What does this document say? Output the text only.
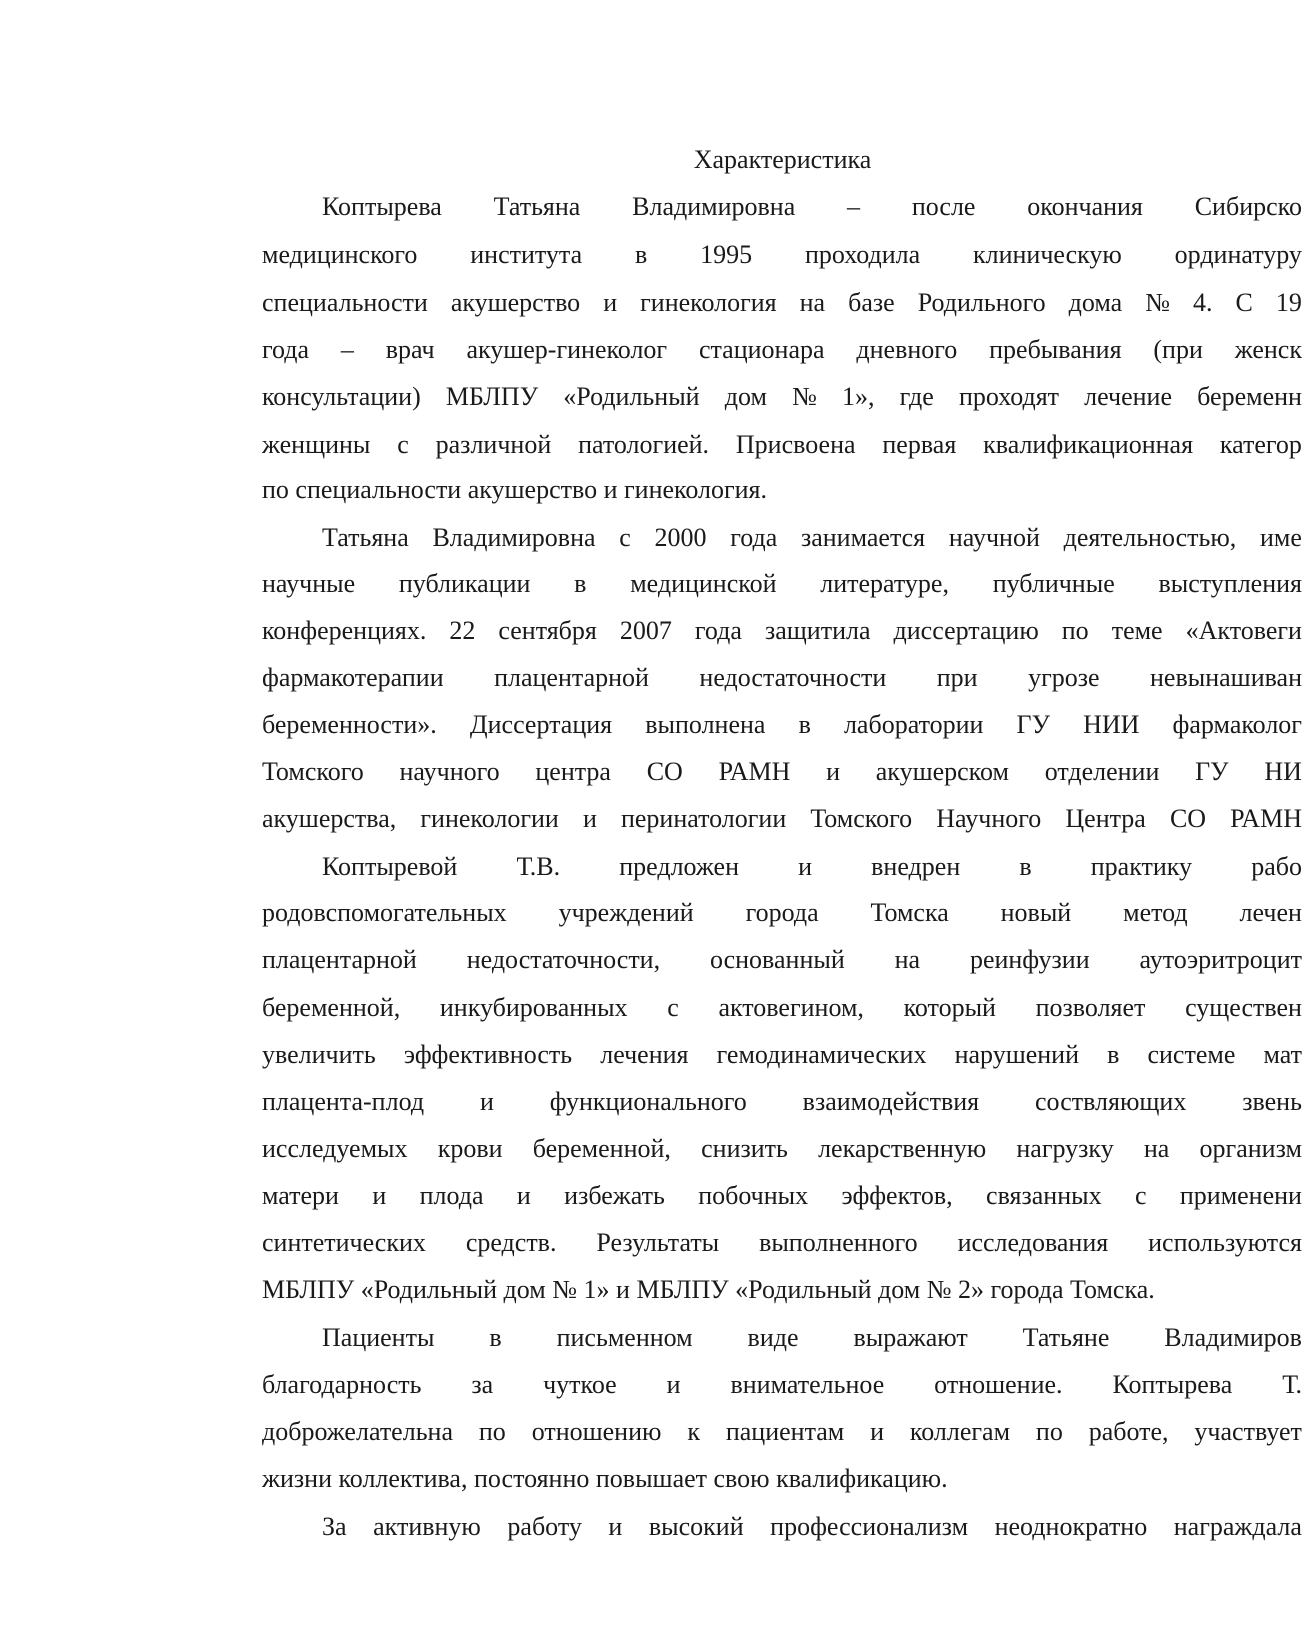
Характеристика
Коптырева Татьяна Владимировна – после окончания Сибирско
медицинского института в 1995 проходила клиническую ординатуру
специальности акушерство и гинекология на базе Родильного дома № 4. С 19
года – врач акушер-гинеколог стационара дневного пребывания (при женск
консультации) МБЛПУ «Родильный дом № 1», где проходят лечение беременн
женщины с различной патологией. Присвоена первая квалификационная категор
по специальности акушерство и гинекология.
Татьяна Владимировна с 2000 года занимается научной деятельностью, име
научные публикации в медицинской литературе, публичные выступления
конференциях. 22 сентября 2007 года защитила диссертацию по теме «Актовеги
фармакотерапии плацентарной недостаточности при угрозе невынашиван
беременности». Диссертация выполнена в лаборатории ГУ НИИ фармаколог
Томского научного центра СО РАМН и акушерском отделении ГУ НИ
акушерства, гинекологии и перинатологии Томского Научного Центра СО РАМН
Коптыревой Т.В. предложен и внедрен в практику рабо
родовспомогательных учреждений города Томска новый метод лечен
плацентарной недостаточности, основанный на реинфузии аутоэритроцит
беременной, инкубированных с актовегином, который позволяет существен
увеличить эффективность лечения гемодинамических нарушений в системе мат
плацента-плод и функционального взаимодействия соствляющих звень
исследуемых крови беременной, снизить лекарственную нагрузку на организм
матери и плода и избежать побочных эффектов, связанных с применени
синтетических средств. Результаты выполненного исследования используются
МБЛПУ «Родильный дом № 1» и МБЛПУ «Родильный дом № 2» города Томска.
Пациенты в письменном виде выражают Татьяне Владимиров
благодарность за чуткое и внимательное отношение. Коптырева Т.
доброжелательна по отношению к пациентам и коллегам по работе, участвует
жизни коллектива, постоянно повышает свою квалификацию.
За активную работу и высокий профессионализм неоднократно награждала
